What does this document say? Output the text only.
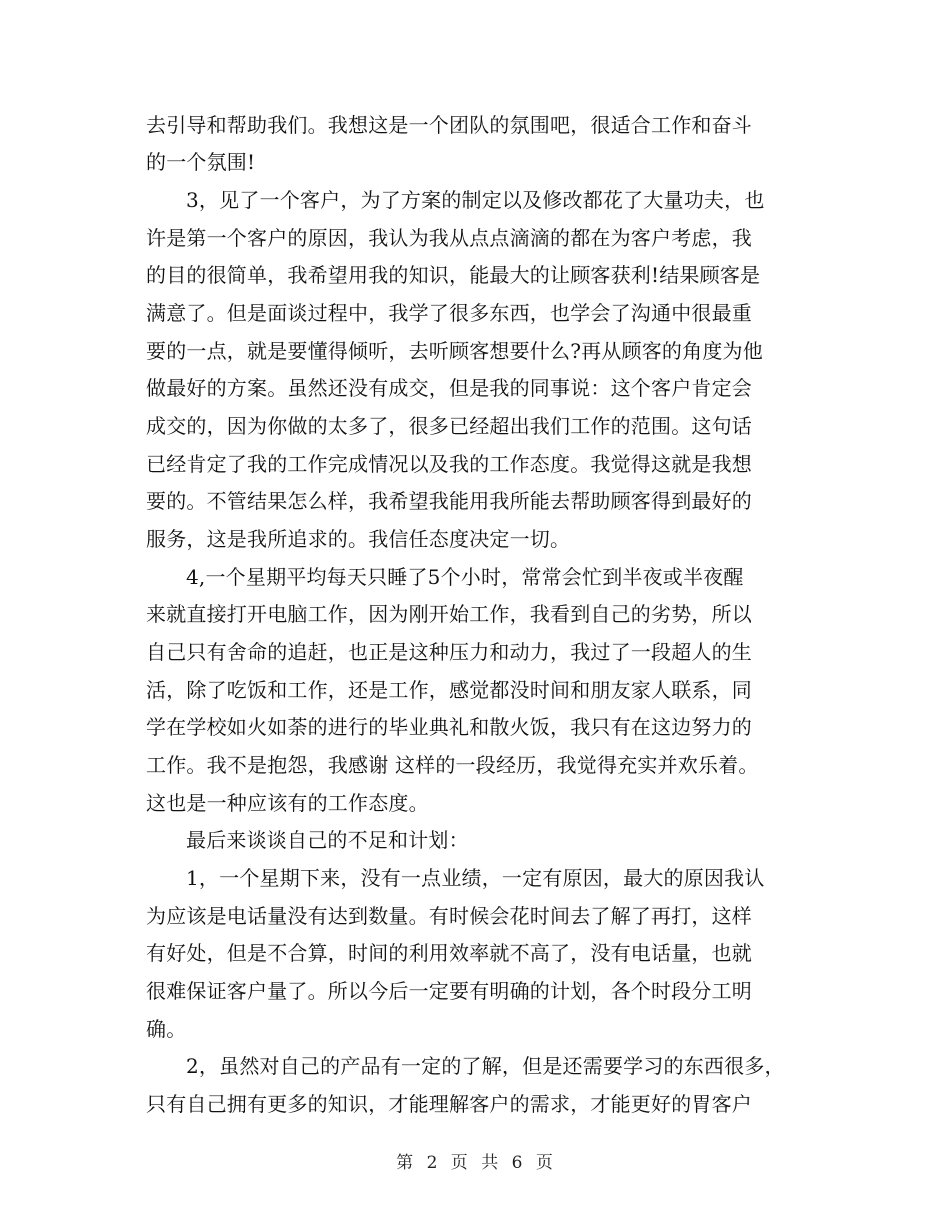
去引导和帮助我们。我想这是一个团队的氛围吧，很适合工作和奋斗
的一个氛围!
3，见了一个客户，为了方案的制定以及修改都花了大量功夫，也
许是第一个客户的原因，我认为我从点点滴滴的都在为客户考虑，我
的目的很简单，我希望用我的知识，能最大的让顾客获利!结果顾客是
满意了。但是面谈过程中，我学了很多东西，也学会了沟通中很最重
要的一点，就是要懂得倾听，去听顾客想要什么?再从顾客的角度为他
做最好的方案。虽然还没有成交，但是我的同事说：这个客户肯定会
成交的，因为你做的太多了，很多已经超出我们工作的范围。这句话
已经肯定了我的工作完成情况以及我的工作态度。我觉得这就是我想
要的。不管结果怎么样，我希望我能用我所能去帮助顾客得到最好的
服务，这是我所追求的。我信任态度决定一切。
4,一个星期平均每天只睡了5个小时，常常会忙到半夜或半夜醒
来就直接打开电脑工作，因为刚开始工作，我看到自己的劣势，所以
自己只有舍命的追赶，也正是这种压力和动力，我过了一段超人的生
活，除了吃饭和工作，还是工作，感觉都没时间和朋友家人联系，同
学在学校如火如荼的进行的毕业典礼和散火饭，我只有在这边努力的
工作。我不是抱怨，我感谢 这样的一段经历，我觉得充实并欢乐着。
这也是一种应该有的工作态度。
最后来谈谈自己的不足和计划：
1，一个星期下来，没有一点业绩，一定有原因，最大的原因我认
为应该是电话量没有达到数量。有时候会花时间去了解了再打，这样
有好处，但是不合算，时间的利用效率就不高了，没有电话量，也就
很难保证客户量了。所以今后一定要有明确的计划，各个时段分工明
确。
2，虽然对自己的产品有一定的了解，但是还需要学习的东西很多，
只有自己拥有更多的知识，才能理解客户的需求，才能更好的胃客户
第 2 页 共 6 页
